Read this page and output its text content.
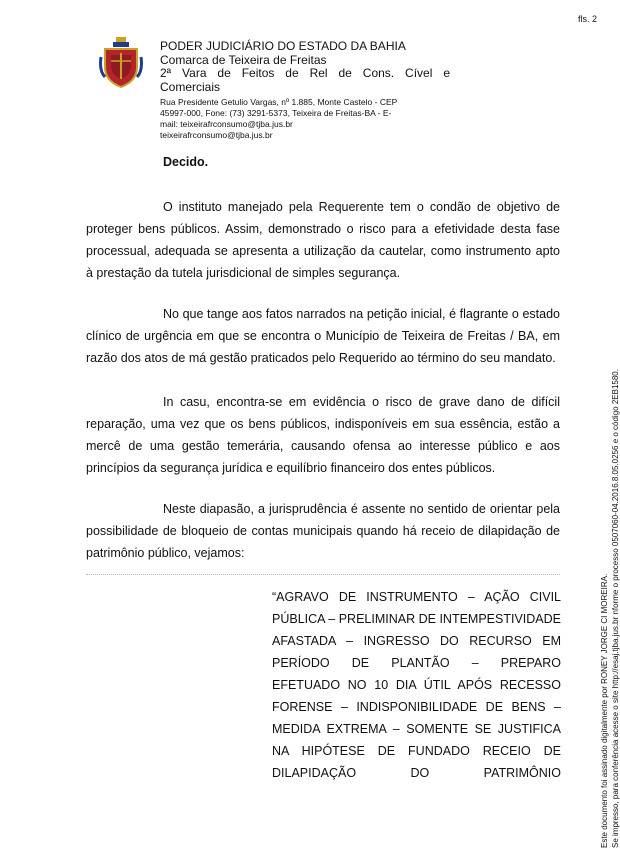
fls. 2
PODER JUDICIÁRIO DO ESTADO DA BAHIA
Comarca de Teixeira de Freitas
2ª Vara de Feitos de Rel de Cons. Cível e
Comerciais
Rua Presidente Getulio Vargas, nº 1.885, Monte Castelo - CEP
45997-000, Fone: (73) 3291-5373, Teixeira de Freitas-BA - E-
mail: teixeirafrconsumo@tjba.jus.br
teixeirafrconsumo@tjba.jus.br
Decido.
O instituto manejado pela Requerente tem o condão de objetivo de
proteger bens públicos. Assim, demonstrado o risco para a efetividade desta fase
processual, adequada se apresenta a utilização da cautelar, como instrumento apto
à prestação da tutela jurisdicional de simples segurança.
No que tange aos fatos narrados na petição inicial, é flagrante o estado
clínico de urgência em que se encontra o Município de Teixeira de Freitas / BA, em
razão dos atos de má gestão praticados pelo Requerido ao término do seu mandato.
In casu, encontra-se em evidência o risco de grave dano de difícil
reparação, uma vez que os bens públicos, indisponíveis em sua essência, estão a
mercê de uma gestão temerária, causando ofensa ao interesse público e aos
princípios da segurança jurídica e equilíbrio financeiro dos entes públicos.
Neste diapasão, a jurisprudência é assente no sentido de orientar pela
possibilidade de bloqueio de contas municipais quando há receio de dilapidação de
patrimônio público, vejamos:
“AGRAVO DE INSTRUMENTO – AÇÃO CIVIL
PÚBLICA – PRELIMINAR DE INTEMPESTIVIDADE
AFASTADA – INGRESSO DO RECURSO EM
PERÍODO DE PLANTÃO – PREPARO
EFETUADO NO 10 DIA ÚTIL APÓS RECESSO
FORENSE – INDISPONIBILIDADE DE BENS –
MEDIDA EXTREMA – SOMENTE SE JUSTIFICA
NA HIPÓTESE DE FUNDADO RECEIO DE
DILAPIDAÇÃO DO PATRIMÔNIO	Este documento foi assinado digitalmente por RONEY JORGE CI MOREIRA. Se impresso, para conferência acesse o site http://esaj.tjba.jus.br nforme o processo 0507060-04.2016.8.05.0256 e o código 2EB1580.
